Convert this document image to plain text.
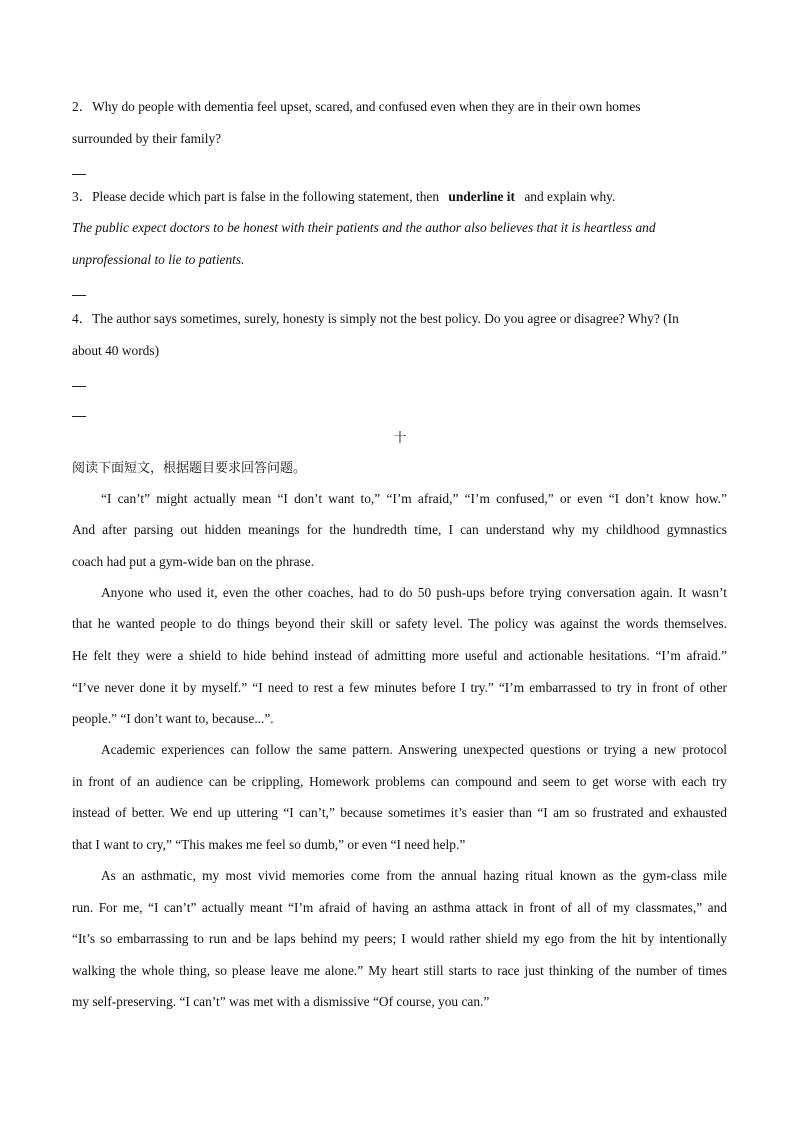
2．Why do people with dementia feel upset, scared, and confused even when they are in their own homes
surrounded by their family?
3．Please decide which part is false in the following statement, then underline it and explain why.
The public expect doctors to be honest with their patients and the author also believes that it is heartless and
unprofessional to lie to patients.
4．The author says sometimes, surely, honesty is simply not the best policy. Do you agree or disagree? Why? (In
about 40 words)
十
阅读下面短文，根据题目要求回答问题。
“I can’t” might actually mean “I don’t want to,” “I’m afraid,” “I’m confused,” or even “I don’t know how.”
And after parsing out hidden meanings for the hundredth time, I can understand why my childhood gymnastics
coach had put a gym-wide ban on the phrase.
Anyone who used it, even the other coaches, had to do 50 push-ups before trying conversation again. It wasn’t
that he wanted people to do things beyond their skill or safety level. The policy was against the words themselves.
He felt they were a shield to hide behind instead of admitting more useful and actionable hesitations. “I’m afraid.”
“I’ve never done it by myself.” “I need to rest a few minutes before I try.” “I’m embarrassed to try in front of other
people.” “I don’t want to, because...”.
Academic experiences can follow the same pattern. Answering unexpected questions or trying a new protocol
in front of an audience can be crippling, Homework problems can compound and seem to get worse with each try
instead of better. We end up uttering “I can’t,” because sometimes it’s easier than “I am so frustrated and exhausted
that I want to cry,” “This makes me feel so dumb,” or even “I need help.”
As an asthmatic, my most vivid memories come from the annual hazing ritual known as the gym-class mile
run. For me, “I can’t” actually meant “I’m afraid of having an asthma attack in front of all of my classmates,” and
“It’s so embarrassing to run and be laps behind my peers; I would rather shield my ego from the hit by intentionally
walking the whole thing, so please leave me alone.” My heart still starts to race just thinking of the number of times
my self-preserving. “I can’t” was met with a dismissive “Of course, you can.”
